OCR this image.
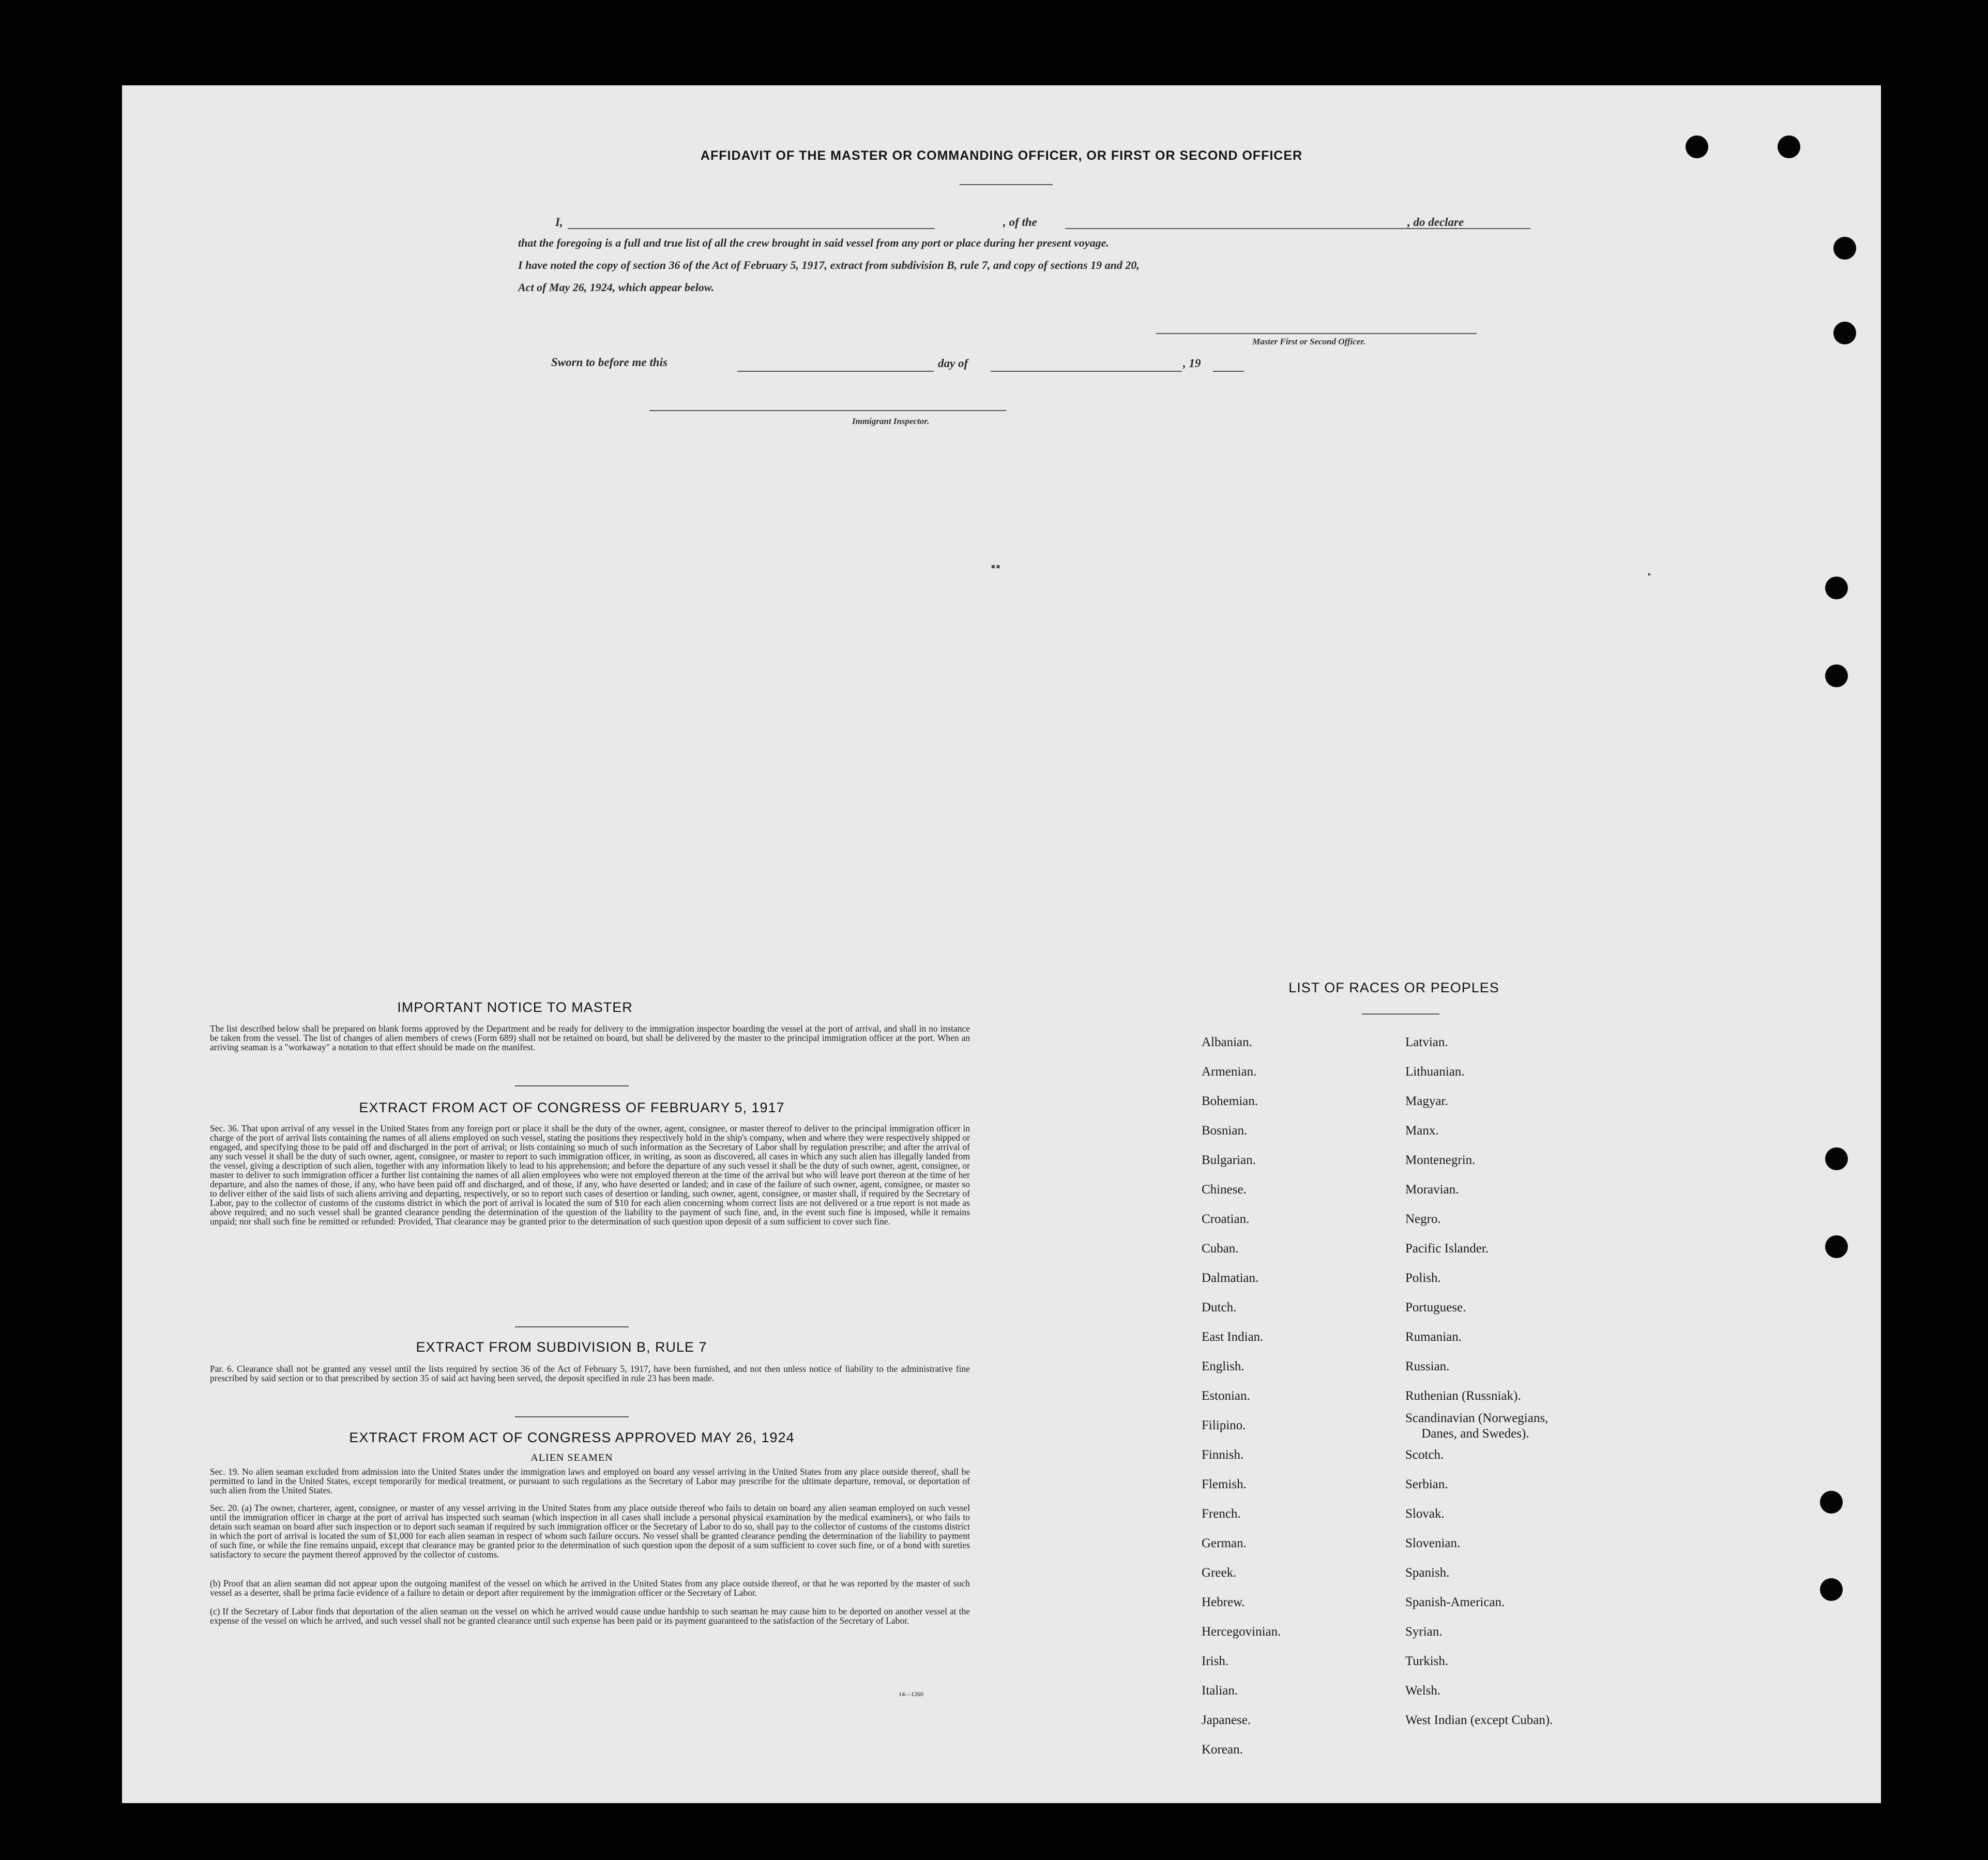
AFFIDAVIT OF THE MASTER OR COMMANDING OFFICER, OR FIRST OR SECOND OFFICER
I,	, of the	, do declare
that the foregoing is a full and true list of all the crew brought in said vessel from any port or place during her present voyage.
I have noted the copy of section 36 of the Act of February 5, 1917, extract from subdivision B, rule 7, and copy of sections 19 and 20,
Act of May 26, 1924, which appear below.
Master First or Second Officer.
Sworn to before me this	day of	, 19
Immigrant Inspector.
▪▪
▸
IMPORTANT NOTICE TO MASTER
The list described below shall be prepared on blank forms approved by the Department and be ready for delivery to the immigration inspector boarding the vessel at the port of arrival, and shall in no instance be taken from the vessel. The list of changes of alien members of crews (Form 689) shall not be retained on board, but shall be delivered by the master to the principal immigration officer at the port. When an arriving seaman is a "workaway" a notation to that effect should be made on the manifest.
EXTRACT FROM ACT OF CONGRESS OF FEBRUARY 5, 1917
Sec. 36. That upon arrival of any vessel in the United States from any foreign port or place it shall be the duty of the owner, agent, consignee, or master thereof to deliver to the principal immigration officer in charge of the port of arrival lists containing the names of all aliens employed on such vessel, stating the positions they respectively hold in the ship's company, when and where they were respectively shipped or engaged, and specifying those to be paid off and discharged in the port of arrival; or lists containing so much of such information as the Secretary of Labor shall by regulation prescribe; and after the arrival of any such vessel it shall be the duty of such owner, agent, consignee, or master to report to such immigration officer, in writing, as soon as discovered, all cases in which any such alien has illegally landed from the vessel, giving a description of such alien, together with any information likely to lead to his apprehension; and before the departure of any such vessel it shall be the duty of such owner, agent, consignee, or master to deliver to such immigration officer a further list containing the names of all alien employees who were not employed thereon at the time of the arrival but who will leave port thereon at the time of her departure, and also the names of those, if any, who have been paid off and discharged, and of those, if any, who have deserted or landed; and in case of the failure of such owner, agent, consignee, or master so to deliver either of the said lists of such aliens arriving and departing, respectively, or so to report such cases of desertion or landing, such owner, agent, consignee, or master shall, if required by the Secretary of Labor, pay to the collector of customs of the customs district in which the port of arrival is located the sum of $10 for each alien concerning whom correct lists are not delivered or a true report is not made as above required; and no such vessel shall be granted clearance pending the determination of the question of the liability to the payment of such fine, and, in the event such fine is imposed, while it remains unpaid; nor shall such fine be remitted or refunded: Provided, That clearance may be granted prior to the determination of such question upon deposit of a sum sufficient to cover such fine.
EXTRACT FROM SUBDIVISION B, RULE 7
Par. 6. Clearance shall not be granted any vessel until the lists required by section 36 of the Act of February 5, 1917, have been furnished, and not then unless notice of liability to the administrative fine prescribed by said section or to that prescribed by section 35 of said act having been served, the deposit specified in rule 23 has been made.
EXTRACT FROM ACT OF CONGRESS APPROVED MAY 26, 1924
ALIEN SEAMEN
Sec. 19. No alien seaman excluded from admission into the United States under the immigration laws and employed on board any vessel arriving in the United States from any place outside thereof, shall be permitted to land in the United States, except temporarily for medical treatment, or pursuant to such regulations as the Secretary of Labor may prescribe for the ultimate departure, removal, or deportation of such alien from the United States.
Sec. 20. (a) The owner, charterer, agent, consignee, or master of any vessel arriving in the United States from any place outside thereof who fails to detain on board any alien seaman employed on such vessel until the immigration officer in charge at the port of arrival has inspected such seaman (which inspection in all cases shall include a personal physical examination by the medical examiners), or who fails to detain such seaman on board after such inspection or to deport such seaman if required by such immigration officer or the Secretary of Labor to do so, shall pay to the collector of customs of the customs district in which the port of arrival is located the sum of $1,000 for each alien seaman in respect of whom such failure occurs. No vessel shall be granted clearance pending the determination of the liability to payment of such fine, or while the fine remains unpaid, except that clearance may be granted prior to the determination of such question upon the deposit of a sum sufficient to cover such fine, or of a bond with sureties satisfactory to secure the payment thereof approved by the collector of customs.
(b) Proof that an alien seaman did not appear upon the outgoing manifest of the vessel on which he arrived in the United States from any place outside thereof, or that he was reported by the master of such vessel as a deserter, shall be prima facie evidence of a failure to detain or deport after requirement by the immigration officer or the Secretary of Labor.
(c) If the Secretary of Labor finds that deportation of the alien seaman on the vessel on which he arrived would cause undue hardship to such seaman he may cause him to be deported on another vessel at the expense of the vessel on which he arrived, and such vessel shall not be granted clearance until such expense has been paid or its payment guaranteed to the satisfaction of the Secretary of Labor.
14—1260
LIST OF RACES OR PEOPLES
Albanian.
Armenian.
Bohemian.
Bosnian.
Bulgarian.
Chinese.
Croatian.
Cuban.
Dalmatian.
Dutch.
East Indian.
English.
Estonian.
Filipino.
Finnish.
Flemish.
French.
German.
Greek.
Hebrew.
Hercegovinian.
Irish.
Italian.
Japanese.
Korean.
Latvian.
Lithuanian.
Magyar.
Manx.
Montenegrin.
Moravian.
Negro.
Pacific Islander.
Polish.
Portuguese.
Rumanian.
Russian.
Ruthenian (Russniak).
Scandinavian (Norwegians,
Danes, and Swedes).
Scotch.
Serbian.
Slovak.
Slovenian.
Spanish.
Spanish-American.
Syrian.
Turkish.
Welsh.
West Indian (except Cuban).
